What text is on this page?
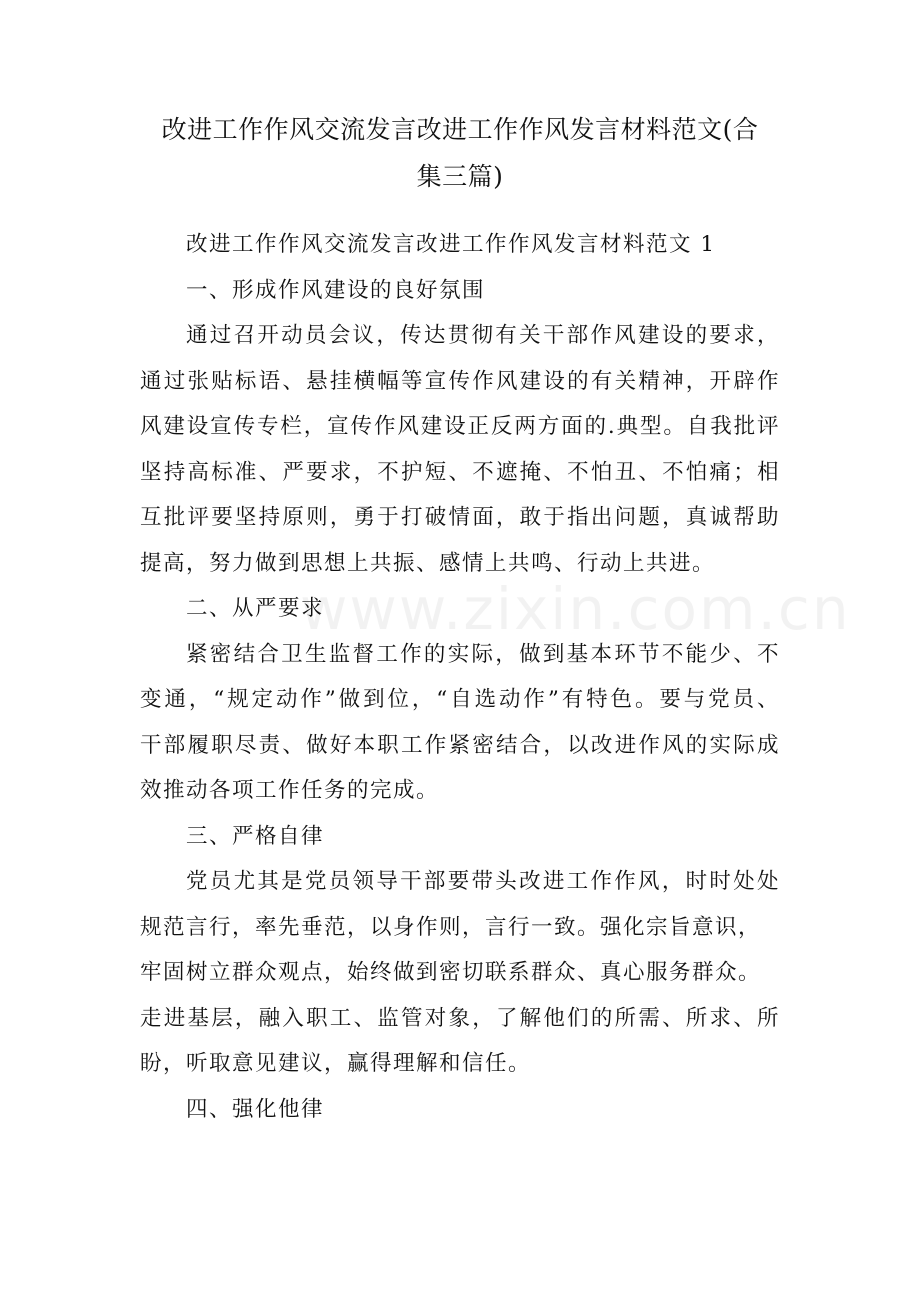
改进工作作风交流发言改进工作作风发言材料范文(合
集三篇)
改进工作作风交流发言改进工作作风发言材料范文 1
一、形成作风建设的良好氛围
通过召开动员会议，传达贯彻有关干部作风建设的要求，
通过张贴标语、悬挂横幅等宣传作风建设的有关精神，开辟作
风建设宣传专栏，宣传作风建设正反两方面的.典型。自我批评
坚持高标准、严要求，不护短、不遮掩、不怕丑、不怕痛；相
互批评要坚持原则，勇于打破情面，敢于指出问题，真诚帮助
提高，努力做到思想上共振、感情上共鸣、行动上共进。
二、从严要求
紧密结合卫生监督工作的实际，做到基本环节不能少、不
变通，“规定动作”做到位，“自选动作”有特色。要与党员、
干部履职尽责、做好本职工作紧密结合，以改进作风的实际成
效推动各项工作任务的完成。
三、严格自律
党员尤其是党员领导干部要带头改进工作作风，时时处处
规范言行，率先垂范，以身作则，言行一致。强化宗旨意识，
牢固树立群众观点，始终做到密切联系群众、真心服务群众。
走进基层，融入职工、监管对象，了解他们的所需、所求、所
盼，听取意见建议，赢得理解和信任。
四、强化他律
www.zixin.com.cn
